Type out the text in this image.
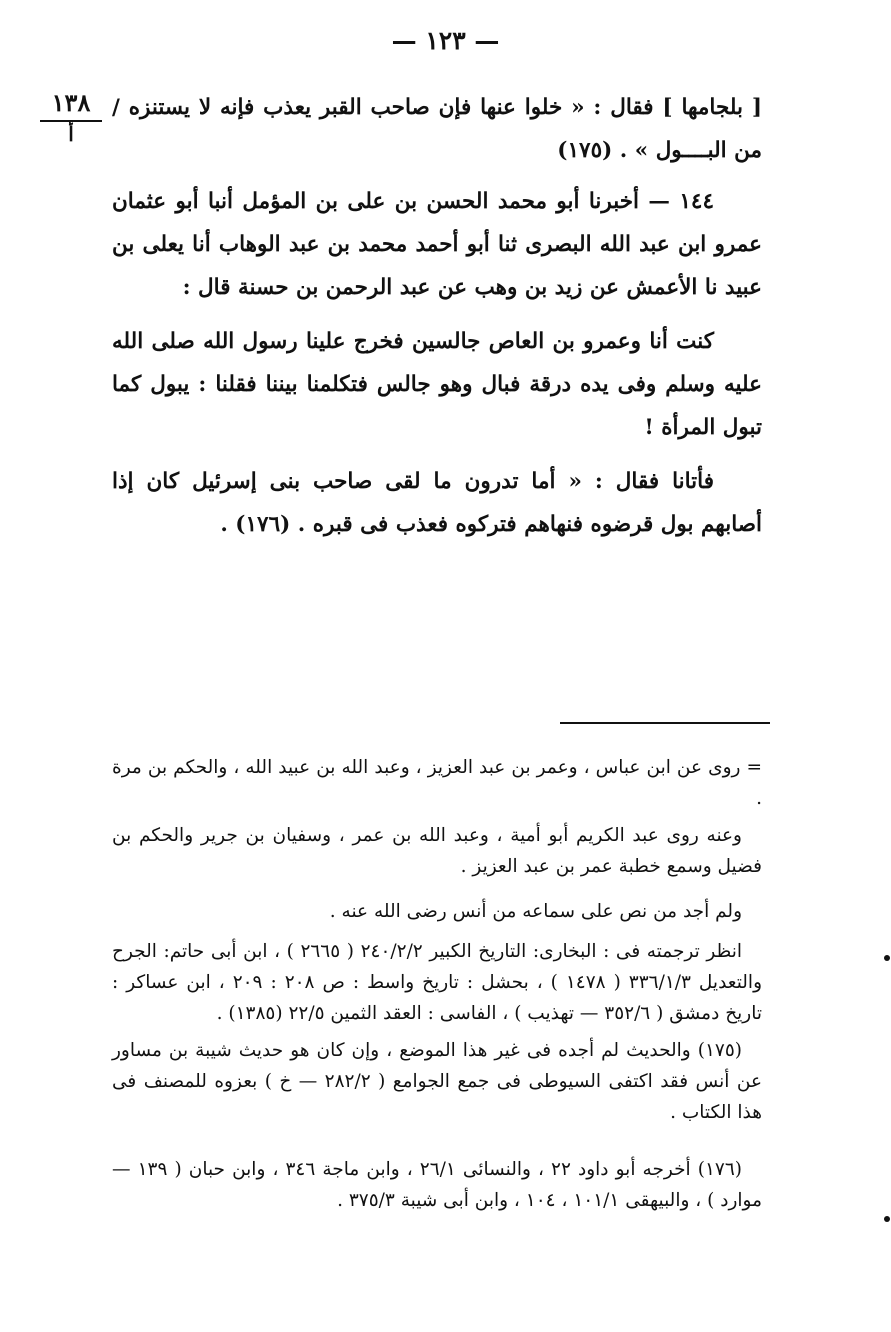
— ١٢٣ —
١٣٨
أ
[ بلجامها ] فقال : « خلوا عنها فإن صاحب القبر يعذب فإنه لا يستنزه / من البــــول » . (١٧٥)
١٤٤ — أخبرنا أبو محمد الحسن بن على بن المؤمل أنبا أبو عثمان عمرو ابن عبد الله البصرى ثنا أبو أحمد محمد بن عبد الوهاب أنا يعلى بن عبيد نا الأعمش عن زيد بن وهب عن عبد الرحمن بن حسنة قال :
كنت أنا وعمرو بن العاص جالسين فخرج علينا رسول الله صلى الله عليه وسلم وفى يده درقة فبال وهو جالس فتكلمنا بيننا فقلنا : يبول كما تبول المرأة !
فأتانا فقال : « أما تدرون ما لقى صاحب بنى إسرئيل كان إذا أصابهم بول قرضوه فنهاهم فتركوه فعذب فى قبره . (١٧٦) .
= روى عن ابن عباس ، وعمر بن عبد العزيز ، وعبد الله بن عبيد الله ، والحكم بن مرة .
وعنه روى عبد الكريم أبو أمية ، وعبد الله بن عمر ، وسفيان بن جرير والحكم بن فضيل وسمع خطبة عمر بن عبد العزيز .
ولم أجد من نص على سماعه من أنس رضى الله عنه .
انظر ترجمته فى : البخارى: التاريخ الكبير ٢٤٠/٢/٢ ( ٢٦٦٥ ) ، ابن أبى حاتم: الجرح والتعديل ٣٣٦/١/٣ ( ١٤٧٨ ) ، بحشل : تاريخ واسط : ص ٢٠٨ : ٢٠٩ ، ابن عساكر : تاريخ دمشق ( ٣٥٢/٦ — تهذيب ) ، الفاسى : العقد الثمين ٢٢/٥ (١٣٨٥) .
(١٧٥) والحديث لم أجده فى غير هذا الموضع ، وإن كان هو حديث شيبة بن مساور عن أنس فقد اكتفى السيوطى فى جمع الجوامع ( ٢٨٢/٢ — خ ) بعزوه للمصنف فى هذا الكتاب .
(١٧٦) أخرجه أبو داود ٢٢ ، والنسائى ٢٦/١ ، وابن ماجة ٣٤٦ ، وابن حبان ( ١٣٩ — موارد ) ، والبيهقى ١٠١/١ ، ١٠٤ ، وابن أبى شيبة ٣٧٥/٣ .
